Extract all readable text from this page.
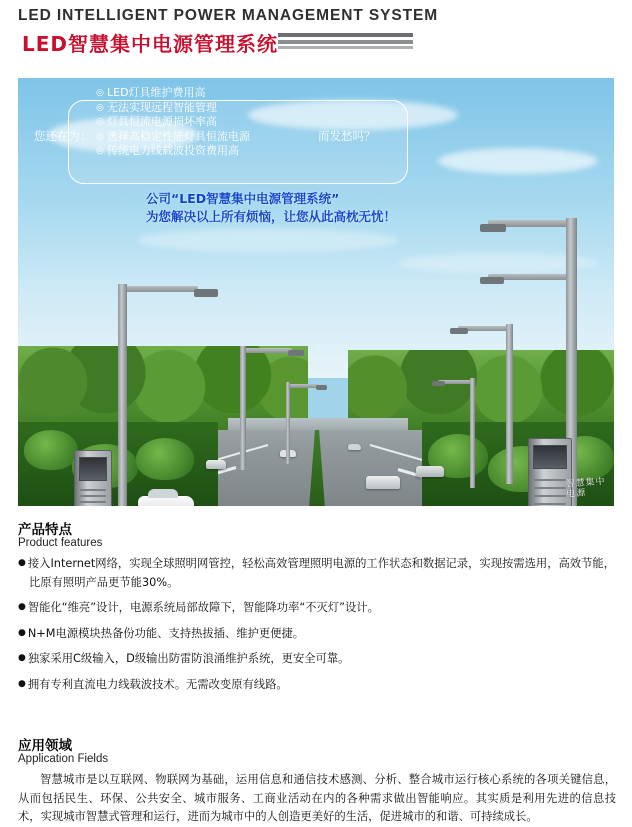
LED INTELLIGENT POWER MANAGEMENT SYSTEM
LED智慧集中电源管理系统
智慧集中电源
您还在为：	而发愁吗？
◎ LED灯具维护费用高
◎ 无法实现远程智能管理
◎ 灯具恒流电源损坏率高
◎ 选择高稳定性能灯具恒流电源
◎ 传统电力线载波投资费用高
公司“LED智慧集中电源管理系统”
为您解决以上所有烦恼，让您从此高枕无忧！
产品特点
Product features
● 接入Internet网络，实现全球照明网管控，轻松高效管理照明电源的工作状态和数据记录，实现按需选用，高效节能，比原有照明产品更节能30%。
● 智能化“维亮”设计，电源系统局部故障下，智能降功率“不灭灯”设计。
● N+M电源模块热备份功能、支持热拔插、维护更便捷。
● 独家采用C级输入，D级输出防雷防浪涌维护系统，更安全可靠。
● 拥有专利直流电力线载波技术。无需改变原有线路。
应用领域
Application Fields

智慧城市是以互联网、物联网为基础，运用信息和通信技术感测、分析、整合城市运行核心系统的各项关键信息，从而包括民生、环保、公共安全、城市服务、工商业活动在内的各种需求做出智能响应。其实质是利用先进的信息技术，实现城市智慧式管理和运行，进而为城市中的人创造更美好的生活，促进城市的和谐、可持续成长。
